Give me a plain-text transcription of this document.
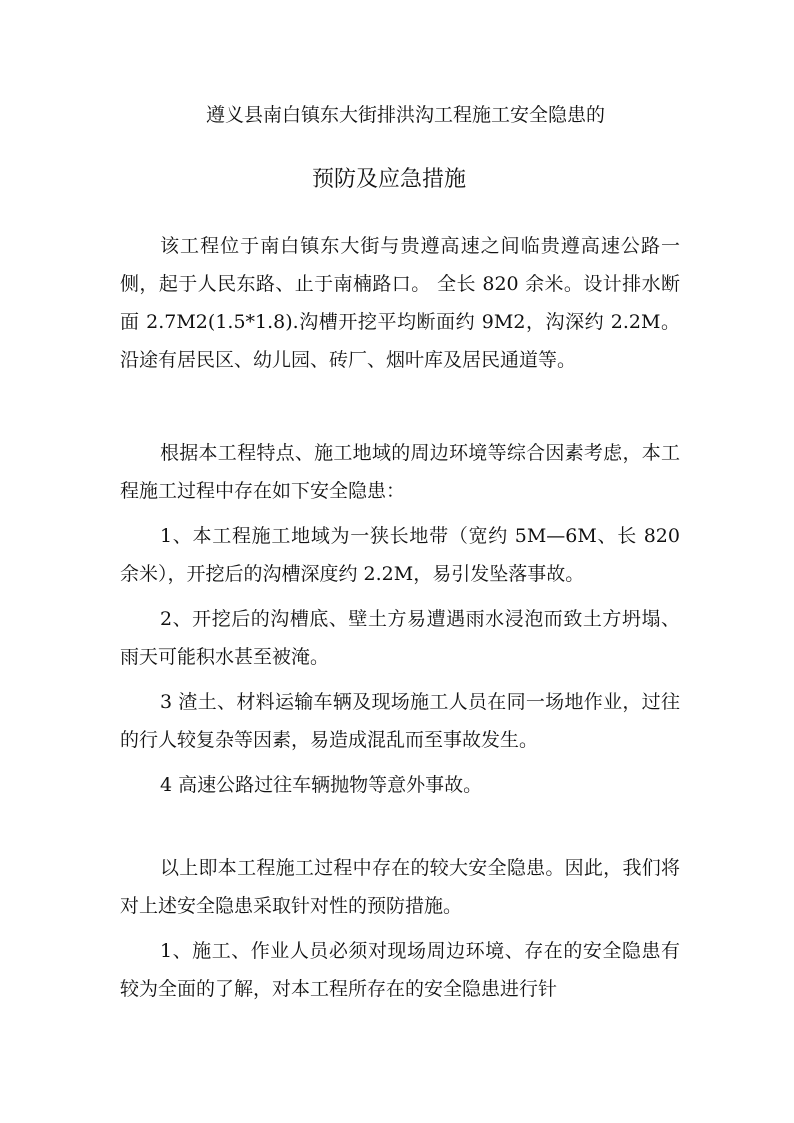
遵义县南白镇东大街排洪沟工程施工安全隐患的
预防及应急措施

该工程位于南白镇东大街与贵遵高速之间临贵遵高速公路一侧，起于人民东路、止于南楠路口。 全长 820 余米。设计排水断面 2.7M2(1.5*1.8).沟槽开挖平均断面约 9M2，沟深约 2.2M。沿途有居民区、幼儿园、砖厂、烟叶库及居民通道等。

根据本工程特点、施工地域的周边环境等综合因素考虑，本工程施工过程中存在如下安全隐患：

1、本工程施工地域为一狭长地带（宽约 5M—6M、长 820 余米），开挖后的沟槽深度约 2.2M，易引发坠落事故。

2、开挖后的沟槽底、壁土方易遭遇雨水浸泡而致土方坍塌、雨天可能积水甚至被淹。

3 渣土、材料运输车辆及现场施工人员在同一场地作业，过往的行人较复杂等因素，易造成混乱而至事故发生。

4 高速公路过往车辆抛物等意外事故。

以上即本工程施工过程中存在的较大安全隐患。因此，我们将对上述安全隐患采取针对性的预防措施。

1、施工、作业人员必须对现场周边环境、存在的安全隐患有较为全面的了解，对本工程所存在的安全隐患进行针
